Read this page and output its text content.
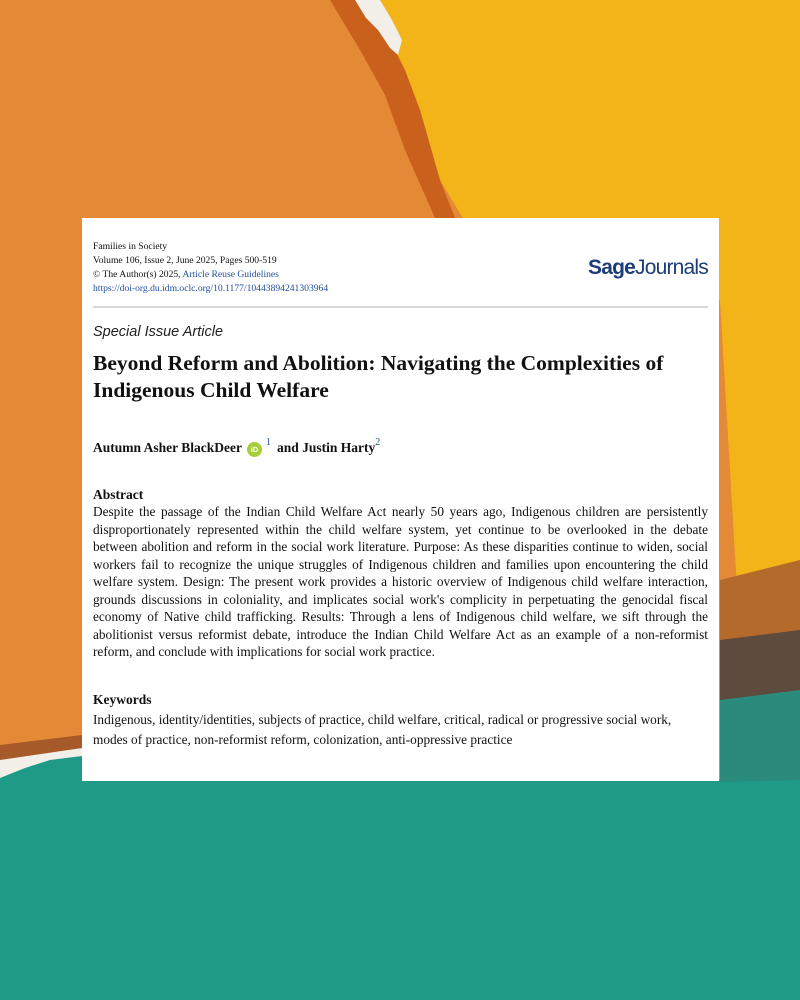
Families in Society
Volume 106, Issue 2, June 2025, Pages 500-519
© The Author(s) 2025, Article Reuse Guidelines
https://doi-org.du.idm.oclc.org/10.1177/10443894241303964
SageJournals
Special Issue Article
Beyond Reform and Abolition: Navigating the Complexities of Indigenous Child Welfare
Autumn Asher BlackDeer	iD
1 and Justin Harty 2
Abstract
Despite the passage of the Indian Child Welfare Act nearly 50 years ago, Indigenous children are persistently disproportionately represented within the child welfare system, yet continue to be overlooked in the debate between abolition and reform in the social work literature. Purpose: As these disparities continue to widen, social workers fail to recognize the unique struggles of Indigenous children and families upon encountering the child welfare system. Design: The present work provides a historic overview of Indigenous child welfare interaction, grounds discussions in coloniality, and implicates social work's complicity in perpetuating the genocidal fiscal economy of Native child trafficking. Results: Through a lens of Indigenous child welfare, we sift through the abolitionist versus reformist debate, introduce the Indian Child Welfare Act as an example of a non-reformist reform, and conclude with implications for social work practice.
Keywords
Indigenous, identity/identities, subjects of practice, child welfare, critical, radical or progressive social work, modes of practice, non-reformist reform, colonization, anti-oppressive practice
